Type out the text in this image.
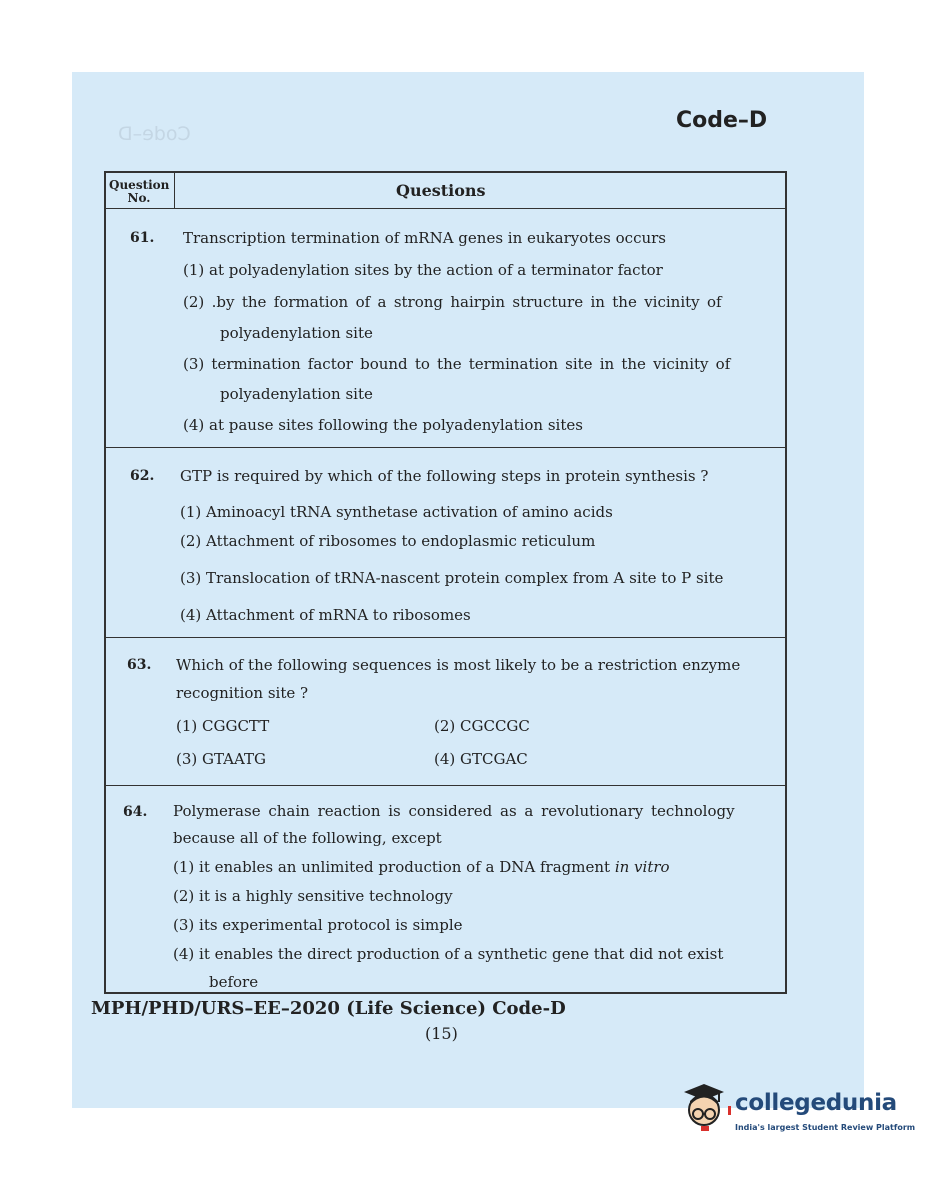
Code–D
Code–D
Question
No.	Questions
61. Transcription termination of mRNA genes in eukaryotes occurs
(1) at polyadenylation sites by the action of a terminator factor
(2) .by the formation of a strong hairpin structure in the vicinity of
polyadenylation site
(3) termination factor bound to the termination site in the vicinity of
polyadenylation site
(4) at pause sites following the polyadenylation sites
62. GTP is required by which of the following steps in protein synthesis ?
(1) Aminoacyl tRNA synthetase activation of amino acids
(2) Attachment of ribosomes to endoplasmic reticulum
(3) Translocation of tRNA-nascent protein complex from A site to P site
(4) Attachment of mRNA to ribosomes
63. Which of the following sequences is most likely to be a restriction enzyme
recognition site ?
(1) CGGCTT	(2) CGCCGC
(3) GTAATG	(4) GTCGAC
64. Polymerase chain reaction is considered as a revolutionary technology
because all of the following, except
(1) it enables an unlimited production of a DNA fragment in vitro
(2) it is a highly sensitive technology
(3) its experimental protocol is simple
(4) it enables the direct production of a synthetic gene that did not exist
before
MPH/PHD/URS–EE–2020 (Life Science) Code-D
(15)
collegedunia
India's largest Student Review Platform
